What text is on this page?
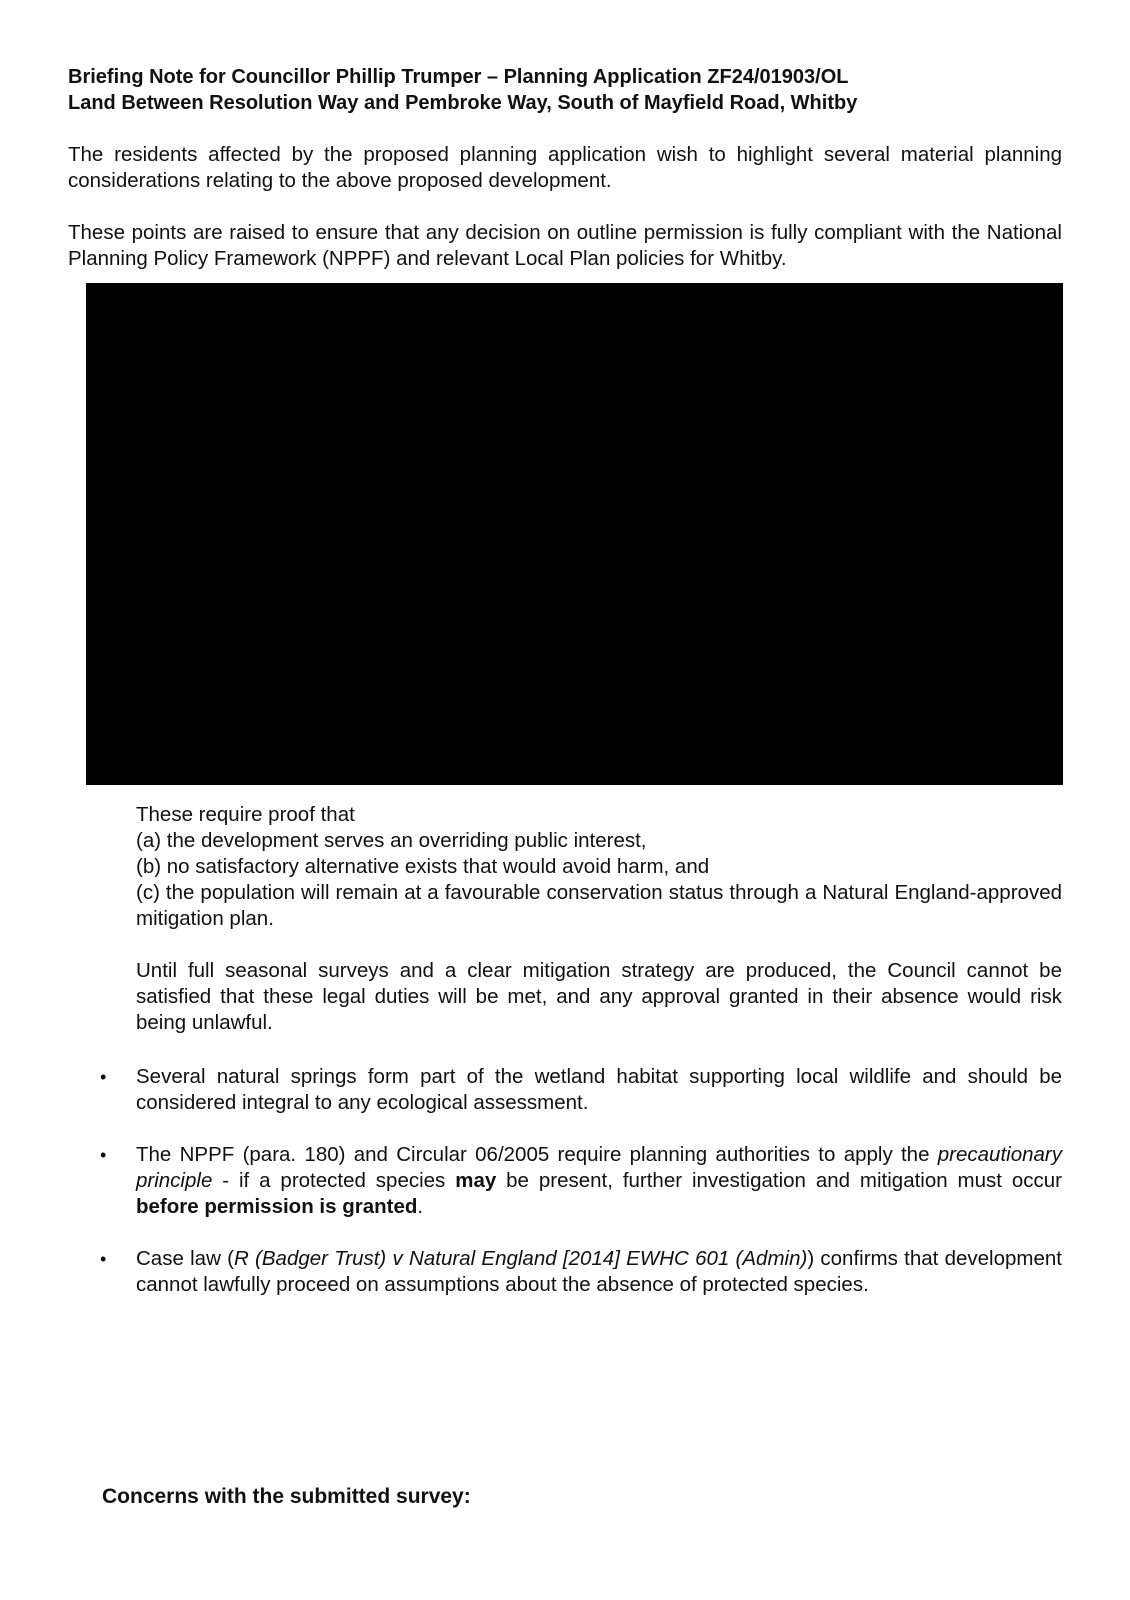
Briefing Note for Councillor Phillip Trumper – Planning Application ZF24/01903/OL
Land Between Resolution Way and Pembroke Way, South of Mayfield Road, Whitby
The residents affected by the proposed planning application wish to highlight several material planning considerations relating to the above proposed development.
These points are raised to ensure that any decision on outline permission is fully compliant with the National Planning Policy Framework (NPPF) and relevant Local Plan policies for Whitby.
These require proof that
(a) the development serves an overriding public interest,
(b) no satisfactory alternative exists that would avoid harm, and
(c) the population will remain at a favourable conservation status through a Natural England-approved mitigation plan.
Until full seasonal surveys and a clear mitigation strategy are produced, the Council cannot be satisfied that these legal duties will be met, and any approval granted in their absence would risk being unlawful.
•	Several natural springs form part of the wetland habitat supporting local wildlife and should be considered integral to any ecological assessment.
•	The NPPF (para. 180) and Circular 06/2005 require planning authorities to apply the precautionary principle - if a protected species may be present, further investigation and mitigation must occur before permission is granted.
•	Case law (R (Badger Trust) v Natural England [2014] EWHC 601 (Admin)) confirms that development cannot lawfully proceed on assumptions about the absence of protected species.
Concerns with the submitted survey:
